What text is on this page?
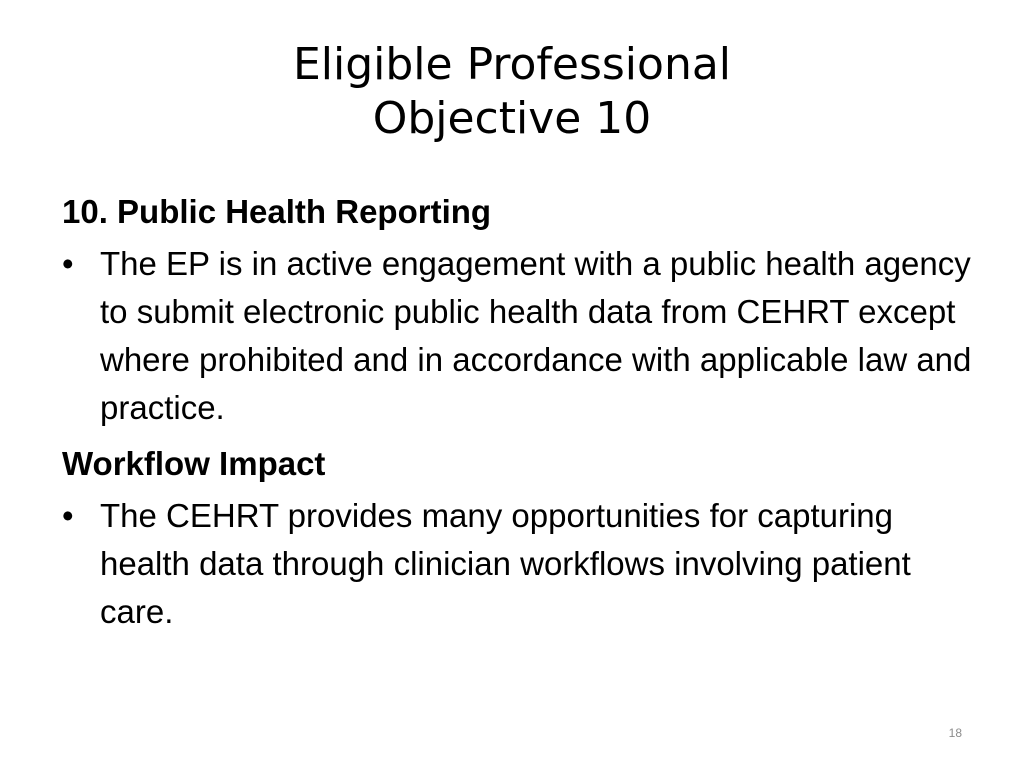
Eligible Professional
Objective 10
10. Public Health Reporting
• The EP is in active engagement with a public health agency to submit electronic public health data from CEHRT except where prohibited and in accordance with applicable law and practice.
Workflow Impact
• The CEHRT provides many opportunities for capturing health data through clinician workflows involving patient care.
18
